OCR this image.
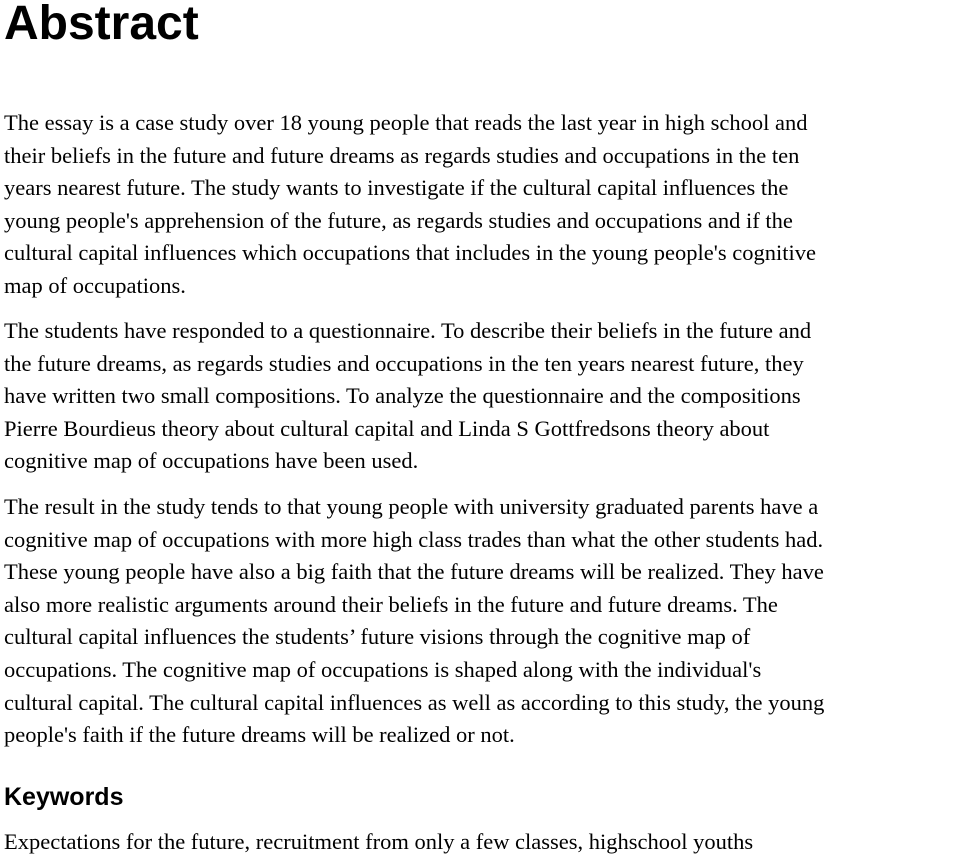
Abstract

The essay is a case study over 18 young people that reads the last year in high school and
their beliefs in the future and future dreams as regards studies and occupations in the ten
years nearest future. The study wants to investigate if the cultural capital influences the
young people's apprehension of the future, as regards studies and occupations and if the
cultural capital influences which occupations that includes in the young people's cognitive
map of occupations.

The students have responded to a questionnaire. To describe their beliefs in the future and
the future dreams, as regards studies and occupations in the ten years nearest future, they
have written two small compositions. To analyze the questionnaire and the compositions
Pierre Bourdieus theory about cultural capital and Linda S Gottfredsons theory about
cognitive map of occupations have been used.

The result in the study tends to that young people with university graduated parents have a
cognitive map of occupations with more high class trades than what the other students had.
These young people have also a big faith that the future dreams will be realized. They have
also more realistic arguments around their beliefs in the future and future dreams. The
cultural capital influences the students’ future visions through the cognitive map of
occupations. The cognitive map of occupations is shaped along with the individual's
cultural capital. The cultural capital influences as well as according to this study, the young
people's faith if the future dreams will be realized or not.

Keywords

Expectations for the future, recruitment from only a few classes, highschool youths
